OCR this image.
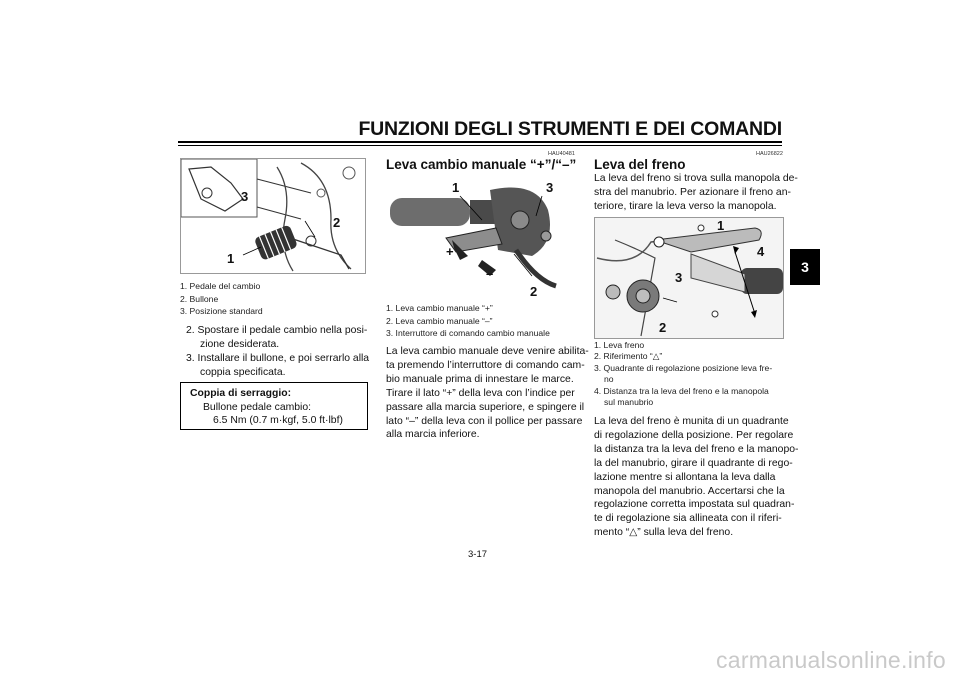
FUNZIONI DEGLI STRUMENTI E DEI COMANDI
3
3
2
1
1. Pedale del cambio
2. Bullone
3. Posizione standard
2. Spostare il pedale cambio nella posi-
zione desiderata.
3. Installare il bullone, e poi serrarlo alla
coppia specificata.
Coppia di serraggio:
Bullone pedale cambio:
6.5 Nm (0.7 m·kgf, 5.0 ft·lbf)
HAU40481
Leva cambio manuale “+”/“–”
1	3
2
+
–
1. Leva cambio manuale “+”
2. Leva cambio manuale “–”
3. Interruttore di comando cambio manuale
La leva cambio manuale deve venire abilita-
ta premendo l’interruttore di comando cam-
bio manuale prima di innestare le marce.
Tirare il lato “+” della leva con l’indice per
passare alla marcia superiore, e spingere il
lato “–” della leva con il pollice per passare
alla marcia inferiore.
HAU26822
Leva del freno
La leva del freno si trova sulla manopola de-
stra del manubrio. Per azionare il freno an-
teriore, tirare la leva verso la manopola.
1
4
3
2
1. Leva freno
2. Riferimento “△”
3. Quadrante di regolazione posizione leva fre-
no
4. Distanza tra la leva del freno e la manopola
sul manubrio
La leva del freno è munita di un quadrante
di regolazione della posizione. Per regolare
la distanza tra la leva del freno e la manopo-
la del manubrio, girare il quadrante di rego-
lazione mentre si allontana la leva dalla
manopola del manubrio. Accertarsi che la
regolazione corretta impostata sul quadran-
te di regolazione sia allineata con il riferi-
mento “△” sulla leva del freno.
3-17
carmanualsonline.info
